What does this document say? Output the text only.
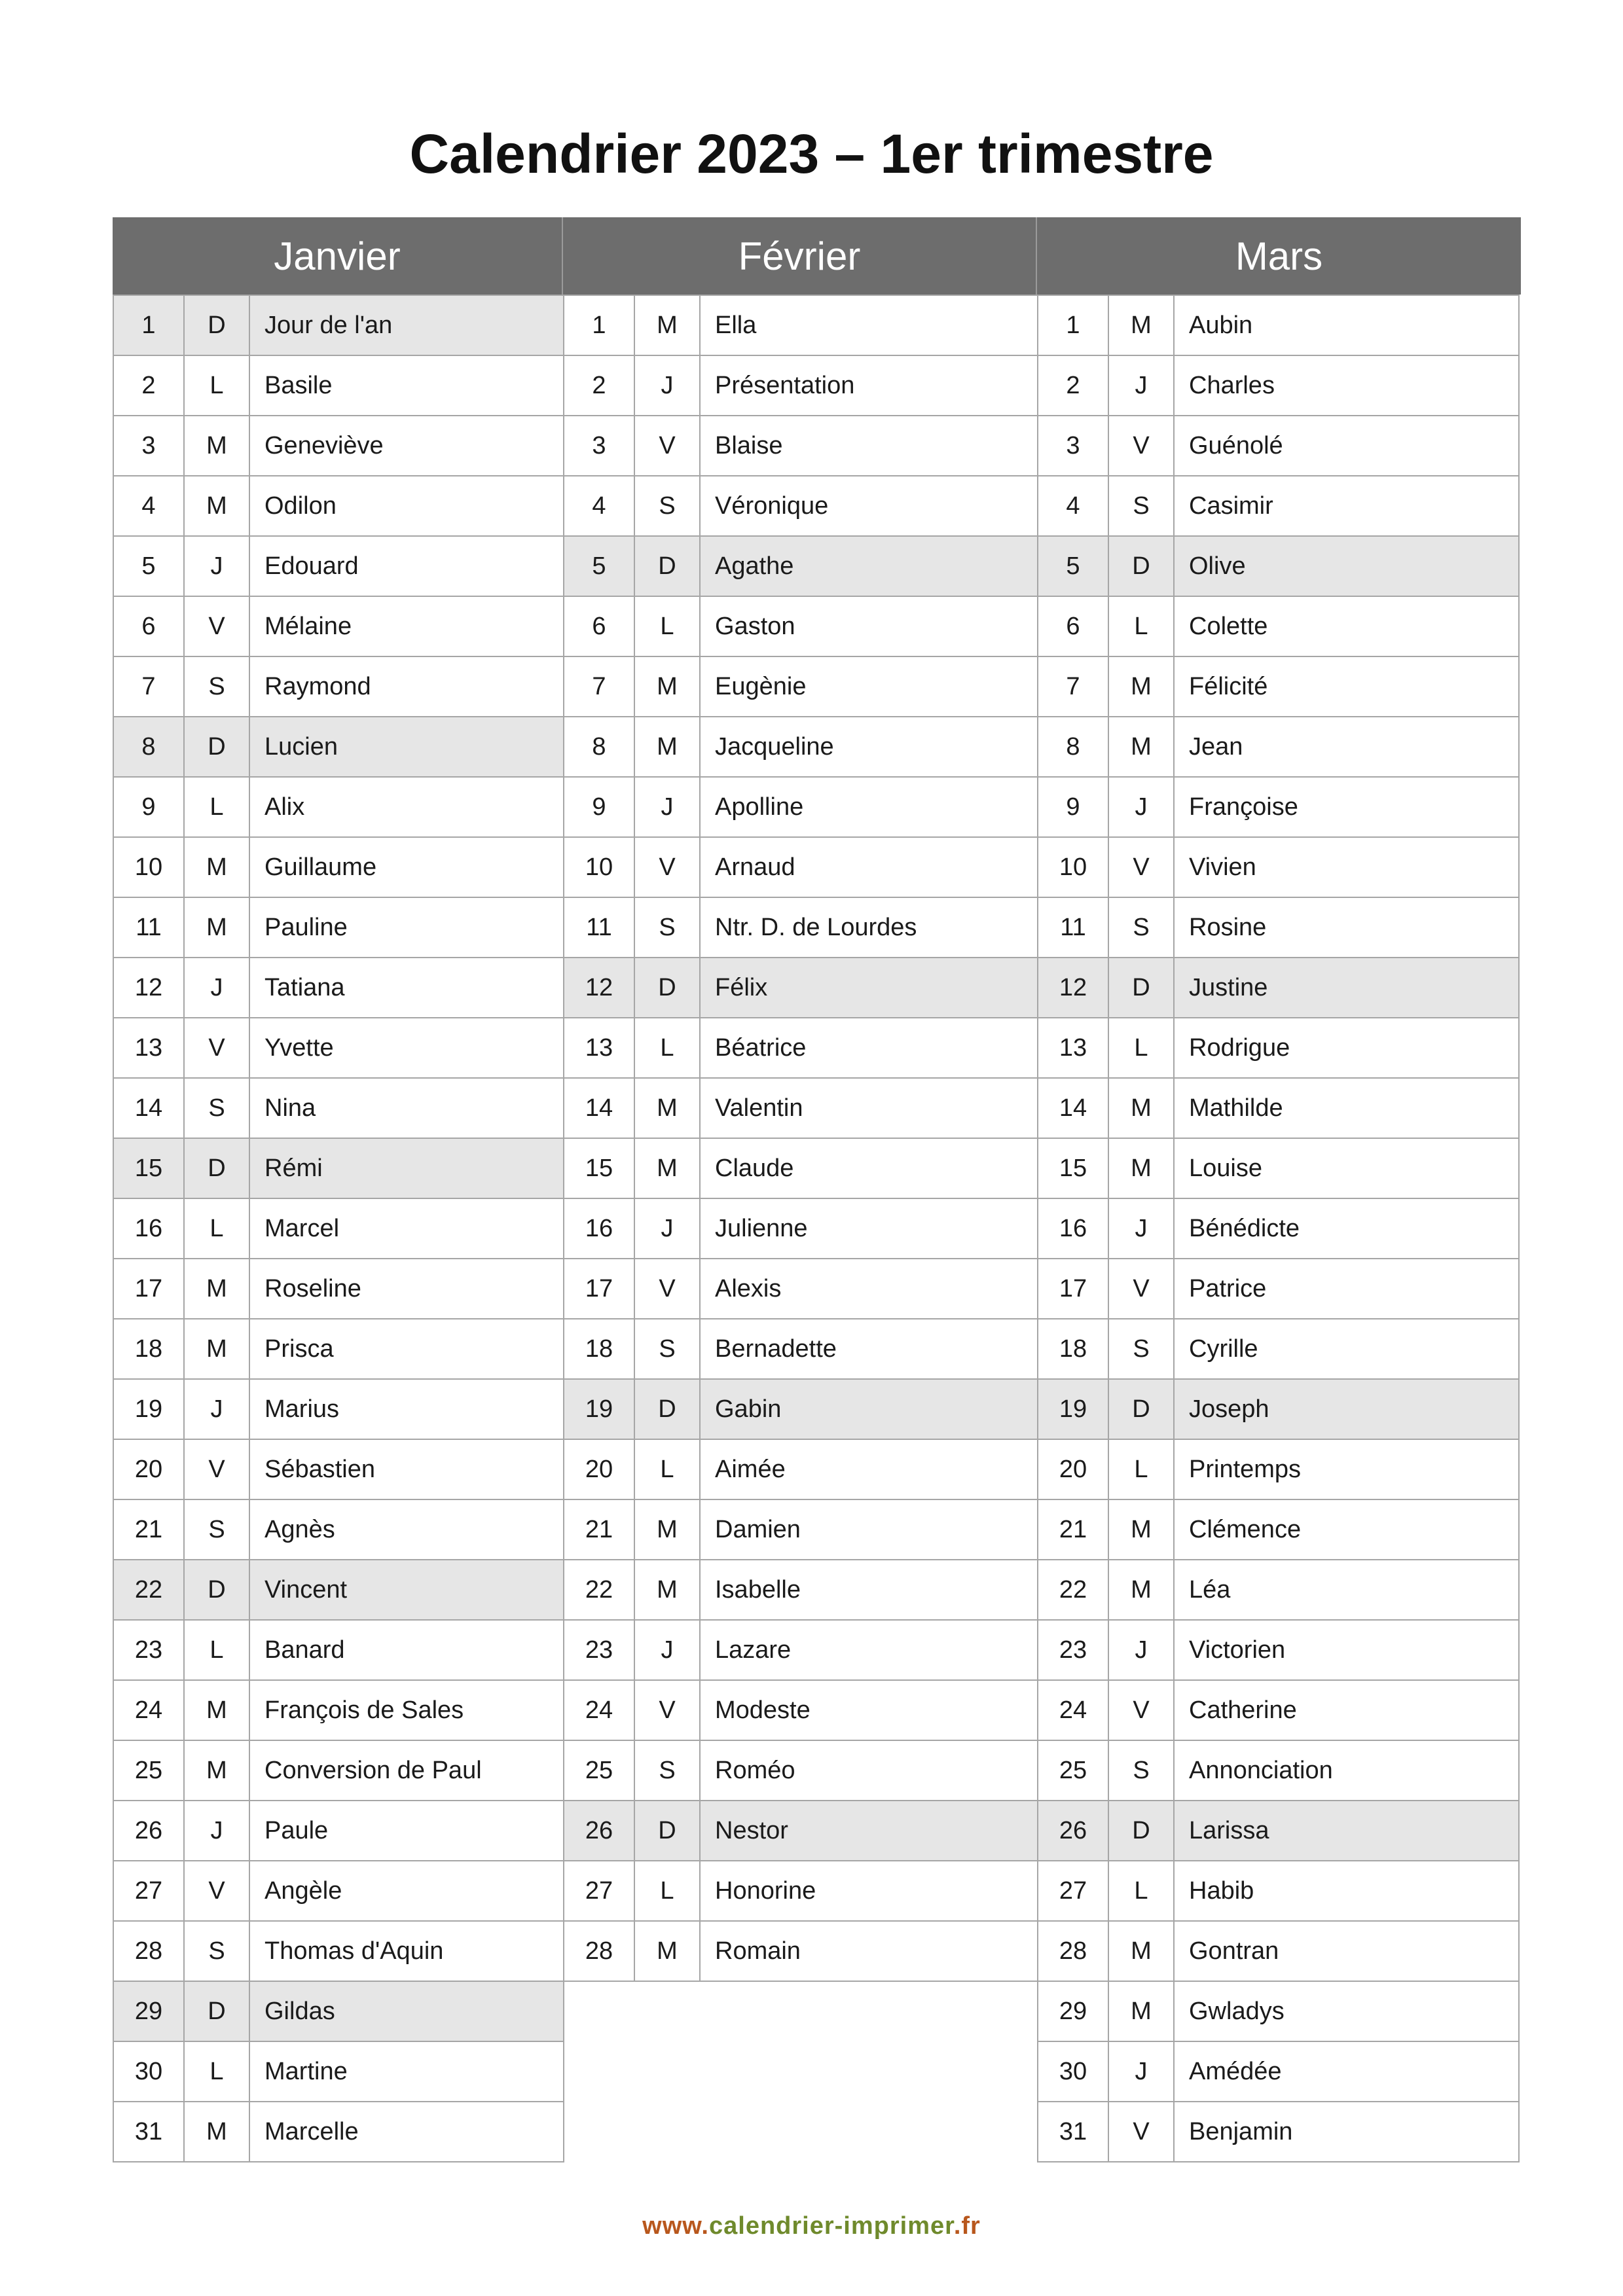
Calendrier 2023 – 1er trimestre
Janvier
1	D	Jour de l'an
2	L	Basile
3	M	Geneviève
4	M	Odilon
5	J	Edouard
6	V	Mélaine
7	S	Raymond
8	D	Lucien
9	L	Alix
10	M	Guillaume
11	M	Pauline
12	J	Tatiana
13	V	Yvette
14	S	Nina
15	D	Rémi
16	L	Marcel
17	M	Roseline
18	M	Prisca
19	J	Marius
20	V	Sébastien
21	S	Agnès
22	D	Vincent
23	L	Banard
24	M	François de Sales
25	M	Conversion de Paul
26	J	Paule
27	V	Angèle
28	S	Thomas d'Aquin
29	D	Gildas
30	L	Martine
31	M	Marcelle
Février
1	M	Ella
2	J	Présentation
3	V	Blaise
4	S	Véronique
5	D	Agathe
6	L	Gaston
7	M	Eugènie
8	M	Jacqueline
9	J	Apolline
10	V	Arnaud
11	S	Ntr. D. de Lourdes
12	D	Félix
13	L	Béatrice
14	M	Valentin
15	M	Claude
16	J	Julienne
17	V	Alexis
18	S	Bernadette
19	D	Gabin
20	L	Aimée
21	M	Damien
22	M	Isabelle
23	J	Lazare
24	V	Modeste
25	S	Roméo
26	D	Nestor
27	L	Honorine
28	M	Romain
Mars
1	M	Aubin
2	J	Charles
3	V	Guénolé
4	S	Casimir
5	D	Olive
6	L	Colette
7	M	Félicité
8	M	Jean
9	J	Françoise
10	V	Vivien
11	S	Rosine
12	D	Justine
13	L	Rodrigue
14	M	Mathilde
15	M	Louise
16	J	Bénédicte
17	V	Patrice
18	S	Cyrille
19	D	Joseph
20	L	Printemps
21	M	Clémence
22	M	Léa
23	J	Victorien
24	V	Catherine
25	S	Annonciation
26	D	Larissa
27	L	Habib
28	M	Gontran
29	M	Gwladys
30	J	Amédée
31	V	Benjamin
www.calendrier-imprimer.fr
